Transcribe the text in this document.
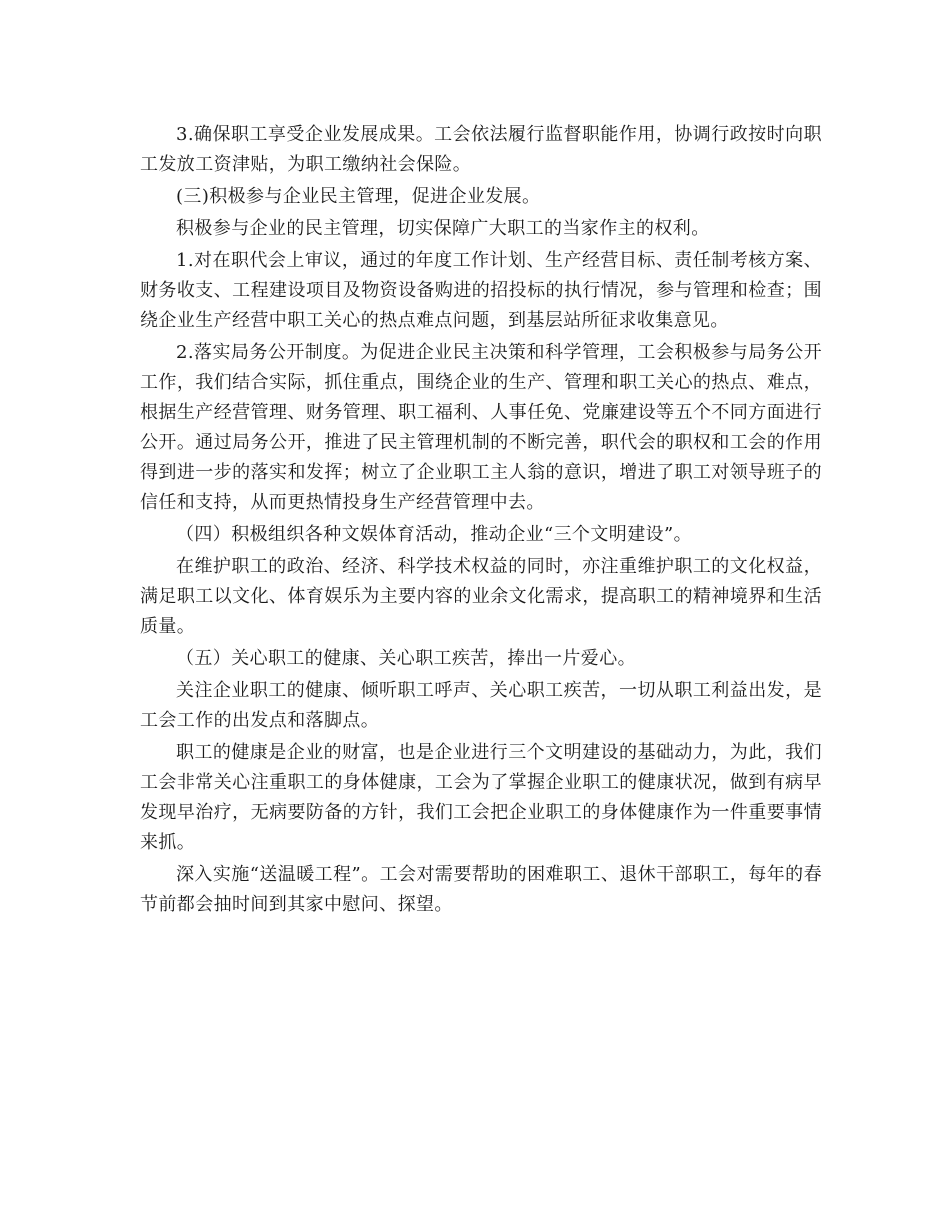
3.确保职工享受企业发展成果。工会依法履行监督职能作用，协调行政按时向职工发放工资津贴，为职工缴纳社会保险。

(三)积极参与企业民主管理，促进企业发展。

积极参与企业的民主管理，切实保障广大职工的当家作主的权利。

1.对在职代会上审议，通过的年度工作计划、生产经营目标、责任制考核方案、财务收支、工程建设项目及物资设备购进的招投标的执行情况，参与管理和检查；围绕企业生产经营中职工关心的热点难点问题，到基层站所征求收集意见。

2.落实局务公开制度。为促进企业民主决策和科学管理，工会积极参与局务公开工作，我们结合实际，抓住重点，围绕企业的生产、管理和职工关心的热点、难点，根据生产经营管理、财务管理、职工福利、人事任免、党廉建设等五个不同方面进行公开。通过局务公开，推进了民主管理机制的不断完善，职代会的职权和工会的作用得到进一步的落实和发挥；树立了企业职工主人翁的意识，增进了职工对领导班子的信任和支持，从而更热情投身生产经营管理中去。

（四）积极组织各种文娱体育活动，推动企业“三个文明建设”。

在维护职工的政治、经济、科学技术权益的同时，亦注重维护职工的文化权益，满足职工以文化、体育娱乐为主要内容的业余文化需求，提高职工的精神境界和生活质量。

（五）关心职工的健康、关心职工疾苦，捧出一片爱心。

关注企业职工的健康、倾听职工呼声、关心职工疾苦，一切从职工利益出发，是工会工作的出发点和落脚点。

职工的健康是企业的财富，也是企业进行三个文明建设的基础动力，为此，我们工会非常关心注重职工的身体健康，工会为了掌握企业职工的健康状况，做到有病早发现早治疗，无病要防备的方针，我们工会把企业职工的身体健康作为一件重要事情来抓。

深入实施“送温暖工程”。工会对需要帮助的困难职工、退休干部职工，每年的春节前都会抽时间到其家中慰问、探望。
